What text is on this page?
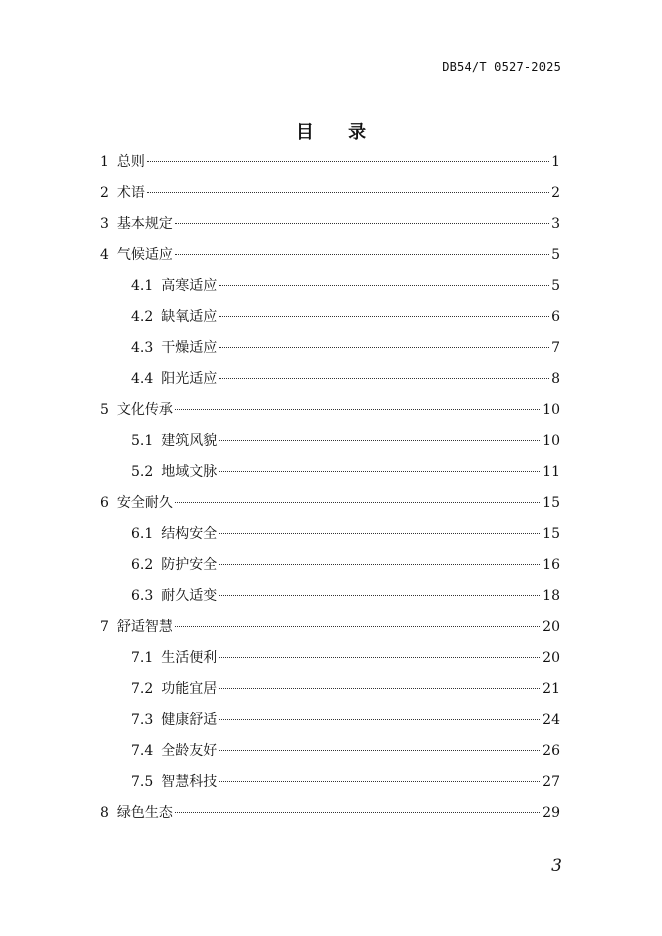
DB54/T 0527-2025
目 录
1 总则	1
2 术语	2
3 基本规定	3
4 气候适应	5
4.1 高寒适应	5
4.2 缺氧适应	6
4.3 干燥适应	7
4.4 阳光适应	8
5 文化传承	10
5.1 建筑风貌	10
5.2 地域文脉	11
6 安全耐久	15
6.1 结构安全	15
6.2 防护安全	16
6.3 耐久适变	18
7 舒适智慧	20
7.1 生活便利	20
7.2 功能宜居	21
7.3 健康舒适	24
7.4 全龄友好	26
7.5 智慧科技	27
8 绿色生态	29
3
